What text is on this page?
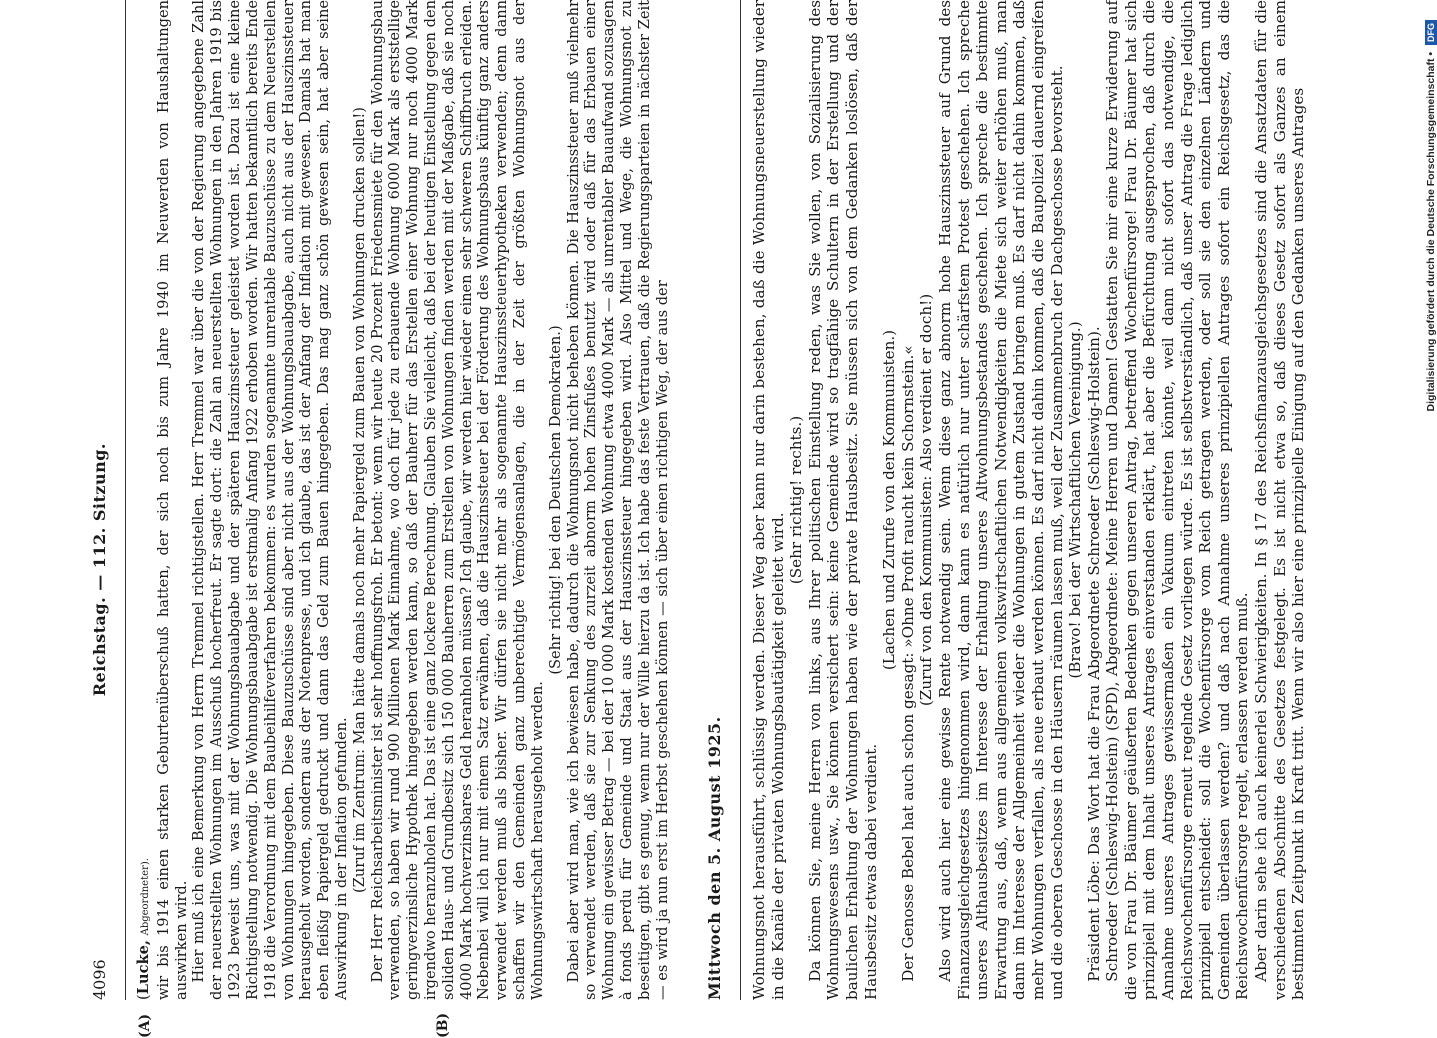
4096
Reichstag. — 112. Sitzung.

(Lucke, Abgeordneter). wir bis 1914 einen starken Geburtenüberschuß hatten, der sich noch bis zum Jahre 1940 im Neuwerden von Haushaltungen auswirken wird. Hier muß ich eine Bemerkung von Herrn Tremmel richtigstellen. Herr Tremmel war über die von der Regierung angegebene Zahl der neuerstellten Wohnungen im Ausschuß hocherfreut. Er sagte dort: die Zahl an neuerstellten Wohnungen in den Jahren 1919 bis 1923 beweist uns, was mit der Wohnungsbauabgabe und der späteren Hauszinssteuer geleistet worden ist. Dazu ist eine kleine Richtigstellung notwendig. Die Wohnungsbauabgabe ist erstmalig Anfang 1922 erhoben worden. Wir hatten bekanntlich bereits Ende 1918 die Verordnung mit dem Baubeihilfeverfahren bekommen: es wurden sogenannte unrentable Bauzuschüsse zu dem Neuerstellen von Wohnungen hingegeben. Diese Bauzuschüsse sind aber nicht aus der Wohnungsbauabgabe, auch nicht aus der Hauszinssteuer herausgeholt worden, sondern aus der Notenpresse, und ich glaube, das ist der Anfang der Inflation mit gewesen. Damals hat man eben fleißig Papiergeld gedruckt und dann das Geld zum Bauen hingegeben. Das mag ganz schön gewesen sein, hat aber seine Auswirkung in der Inflation gefunden. (Zuruf im Zentrum: Man hätte damals noch mehr Papiergeld zum Bauen von Wohnungen drucken sollen!) Der Herr Reichsarbeitsminister ist sehr hoffnungsfroh. Er betont: wenn wir heute 20 Prozent Friedensmiete für den Wohnungsbau verwenden, so haben wir rund 900 Millionen Mark Einnahme, wo doch für jede zu erbauende Wohnung 6000 Mark als erststellige geringverzinsliche Hypothek hingegeben werden kann, so daß der Bauherr für das Erstellen einer Wohnung nur noch 4000 Mark irgendwo heranzuholen hat. Das ist eine ganz lockere Berechnung. Glauben Sie vielleicht, daß bei der heutigen Einstellung gegen den soliden Haus- und Grundbesitz sich 150 000 Bauherren zum Erstellen von Wohnungen finden werden mit der Maßgabe, daß sie noch 4000 Mark hochverzinsbares Geld heranholen müssen? Ich glaube, wir werden hier wieder einen sehr schweren Schiffbruch erleiden. Nebenbei will ich nur mit einem Satz erwähnen, daß die Hauszinssteuer bei der Förderung des Wohnungsbaus künftig ganz anders verwendet werden muß als bisher. Wir dürfen sie nicht mehr als sogenannte Hauszinssteuerhypotheken verwenden; denn dann schaffen wir den Gemeinden ganz unberechtigte Vermögensanlagen, die in der Zeit der größten Wohnungsnot aus der Wohnungswirtschaft herausgeholt werden.

(Sehr richtig! bei den Deutschen Demokraten.) Dabei aber wird man, wie ich bewiesen habe, dadurch die Wohnungsnot nicht beheben können. Die Hauszinssteuer muß vielmehr so verwendet werden, daß sie zur Senkung des zurzeit abnorm hohen Zinsfußes benutzt wird oder daß für das Erbauen einer Wohnung ein gewisser Betrag — bei der 10 000 Mark kostenden Wohnung etwa 4000 Mark — als unrentabler Bauaufwand sozusagen à fonds perdu für Gemeinde und Staat aus der Hauszinssteuer hingegeben wird. Also Mittel und Wege, die Wohnungsnot zu beseitigen, gibt es genug, wenn nur der Wille hierzu da ist. Ich habe das feste Vertrauen, daß die Regierungsparteien in nächster Zeit — es wird ja nun erst im Herbst geschehen können — sich über einen richtigen Weg, der aus der Mittwoch den 5. August 1925. Wohnungsnot herausführt, schlüssig werden. Dieser Weg aber kann nur darin bestehen, daß die Wohnungsneuerstellung wieder in die Kanäle der privaten Wohnungsbautätigkeit geleitet wird.

(Sehr richtig! rechts.) Da können Sie, meine Herren von links, aus Ihrer politischen Einstellung reden, was Sie wollen, von Sozialisierung des Wohnungswesens usw., Sie können versichert sein: keine Gemeinde wird so tragfähige Schultern in der Erstellung und der baulichen Erhaltung der Wohnungen haben wie der private Hausbesitz. Sie müssen sich von dem Gedanken loslösen, daß der Hausbesitz etwas dabei verdient.

(Lachen und Zurufe von den Kommunisten.) Der Genosse Bebel hat auch schon gesagt: »Ohne Profit raucht kein Schornstein.« (Zuruf von den Kommunisten: Also verdient er doch!) Also wird auch hier eine gewisse Rente notwendig sein. Wenn diese ganz abnorm hohe Hauszinssteuer auf Grund des Finanzausgleichgesetzes hingenommen wird, dann kann es natürlich nur unter schärfstem Protest geschehen. Ich spreche unseres Althausbesitzes im Interesse der Erhaltung unseres Altwohnungsbestandes geschehen. Ich spreche die bestimmte Erwartung aus, daß, wenn aus allgemeinen volkswirtschaftlichen Notwendigkeiten die Miete sich weiter erhöhen muß, man dann im Interesse der Allgemeinheit wieder die Wohnungen in gutem Zustand bringen muß. Es darf nicht dahin kommen, daß mehr Wohnungen verfallen, als neue erbaut werden können. Es darf nicht dahin kommen, daß die Baupolizei dauernd eingreifen und die oberen Geschosse in den Häusern räumen lassen muß, weil der Zusammenbruch der Dachgeschosse bevorsteht. (Bravo! bei der Wirtschaftlichen Vereinigung.) Präsident Löbe: Das Wort hat die Frau Abgeordnete Schroeder (Schleswig-Holstein). Schroeder (Schleswig-Holstein) (SPD), Abgeordnete: Meine Herren und Damen! Gestatten Sie mir eine kurze Erwiderung auf die von Frau Dr. Bäumer geäußerten Bedenken gegen unseren Antrag, betreffend Wochenfürsorge! Frau Dr. Bäumer hat sich prinzipiell mit dem Inhalt unseres Antrages einverstanden erklärt, hat aber die Befürchtung ausgesprochen, daß durch die Annahme unseres Antrages gewissermaßen ein Vakuum eintreten könnte, weil dann nicht sofort das notwendige, die Reichswochenfürsorge erneut regelnde Gesetz vorliegen würde. Es ist selbstverständlich, daß unser Antrag die Frage lediglich prinzipiell entscheidet: soll die Wochenfürsorge vom Reich getragen werden, oder soll sie den einzelnen Ländern und Gemeinden überlassen werden? und daß nach Annahme unseres prinzipiellen Antrages sofort ein Reichsgesetz, das die Reichswochenfürsorge regelt, erlassen werden muß. Aber darin sehe ich auch keinerlei Schwierigkeiten. In § 17 des Reichsfinanzausgleichsgesetzes sind die Ansatzdaten für die verschiedenen Abschnitte des Gesetzes festgelegt. Es ist nicht etwa so, daß dieses Gesetz sofort als Ganzes an einem bestimmten Zeitpunkt in Kraft tritt. Wenn wir also hier eine prinzipielle Einigung auf den Gedanken unseres Antrages

(A)	(B)
Digitalisierung gefördert durch die Deutsche Forschungsgemeinschaft • DFG
